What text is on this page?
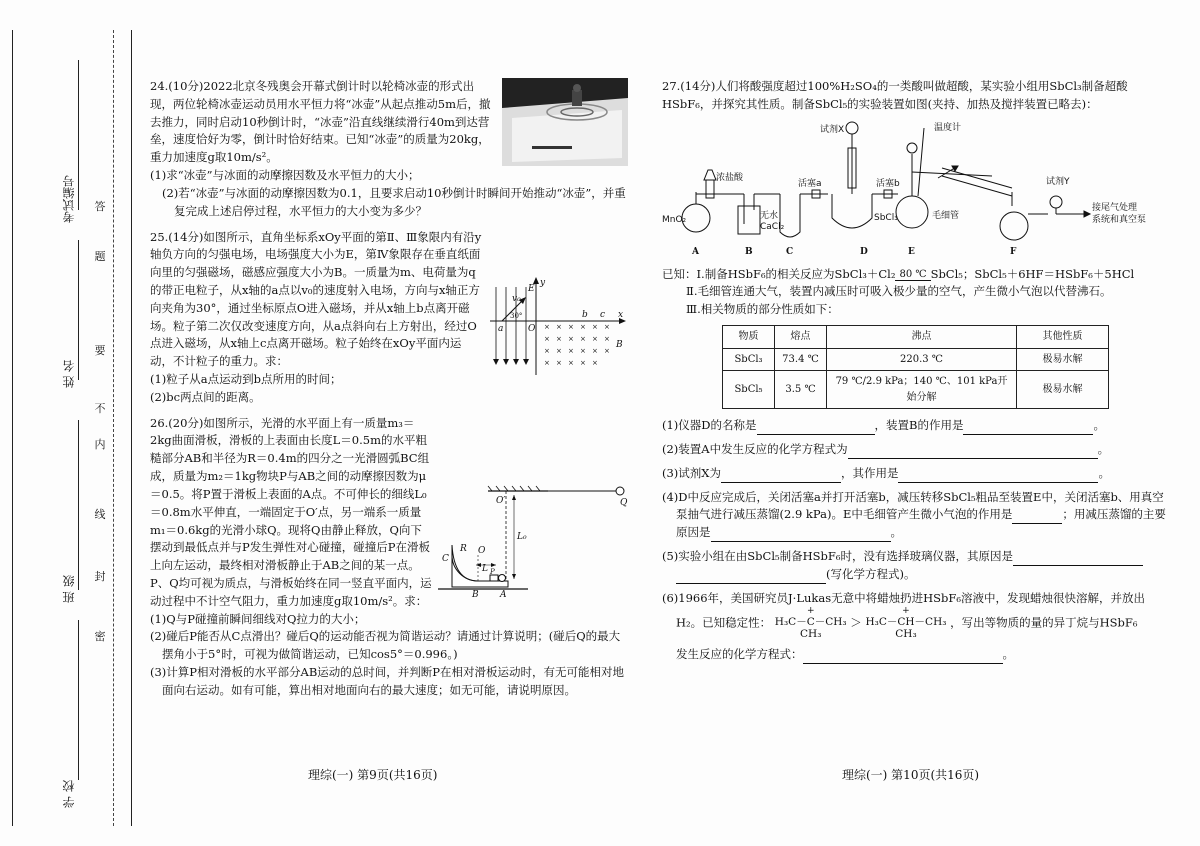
考试编号
姓 名
班 级
学 校
题
答
要
不
内
线
封
密

24.(10分)2022北京冬残奥会开幕式倒计时以轮椅冰壶的形式出现，两位轮椅冰壶运动员用水平恒力将“冰壶”从起点推动5m后，撤去推力，同时启动10秒倒计时，“冰壶”沿直线继续滑行40m到达营垒，速度恰好为零，倒计时恰好结束。已知“冰壶”的质量为20kg，重力加速度g取10m/s²。

(1)求“冰壶”与冰面的动摩擦因数及水平恒力的大小；

(2)若“冰壶”与冰面的动摩擦因数为0.1，且要求启动10秒倒计时瞬间开始推动“冰壶”，并重复完成上述启停过程，水平恒力的大小变为多少？

× × × × × ×
× × × × × ×
× × × × × ×
× × × × ×
y
E
v₀
30°
a	O
b c x
B

25.(14分)如图所示，直角坐标系xOy平面的第Ⅱ、Ⅲ象限内有沿y轴负方向的匀强电场，电场强度大小为E，第Ⅳ象限存在垂直纸面向里的匀强磁场，磁感应强度大小为B。一质量为m、电荷量为q的带正电粒子，从x轴的a点以v₀的速度射入电场，方向与x轴正方向夹角为30°，通过坐标原点O进入磁场，并从x轴上b点离开磁场。粒子第二次仅改变速度方向，从a点斜向右上方射出，经过O点进入磁场，从x轴上c点离开磁场。粒子始终在xOy平面内运动，不计粒子的重力。求：

(1)粒子从a点运动到b点所用的时间；

(2)bc两点间的距离。

O′	Q
L₀
R O
C
L P
A
B

26.(20分)如图所示，光滑的水平面上有一质量m₃＝2kg曲面滑板，滑板的上表面由长度L＝0.5m的水平粗糙部分AB和半径为R＝0.4m的四分之一光滑圆弧BC组成，质量为m₂＝1kg物块P与AB之间的动摩擦因数为μ＝0.5。将P置于滑板上表面的A点。不可伸长的细线L₀＝0.8m水平伸直，一端固定于O′点，另一端系一质量m₁＝0.6kg的光滑小球Q。现将Q由静止释放，Q向下摆动到最低点并与P发生弹性对心碰撞，碰撞后P在滑板上向左运动，最终相对滑板静止于AB之间的某一点。P、Q均可视为质点，与滑板始终在同一竖直平面内，运动过程中不计空气阻力，重力加速度g取10m/s²。求：

(1)Q与P碰撞前瞬间细线对Q拉力的大小；

(2)碰后P能否从C点滑出？碰后Q的运动能否视为简谐运动？请通过计算说明；(碰后Q的最大摆角小于5°时，可视为做简谐运动，已知cos5°＝0.996。)

(3)计算P相对滑板的水平部分AB运动的总时间，并判断P在相对滑板运动时，有无可能相对地面向右运动。如有可能，算出相对地面向右的最大速度；如无可能，请说明原因。

理综(一) 第9页(共16页)

27.(14分)人们将酸强度超过100%H₂SO₄的一类酸叫做超酸，某实验小组用SbCl₃制备超酸HSbF₆，并探究其性质。制备SbCl₅的实验装置如图(夹持、加热及搅拌装置已略去)：

试剂X	温度计
浓盐酸
活塞a	活塞b	试剂Y
接尾气处理
系统和真空泵
MnO₂	无水
CaCl₂
SbCl₃	毛细管
A	B	C	D	E	F

已知：Ⅰ.制备HSbF₆的相关反应为SbCl₃＋Cl₂ 80 ℃ SbCl₅；SbCl₅＋6HF＝HSbF₆＋5HCl

Ⅱ.毛细管连通大气，装置内减压时可吸入极少量的空气，产生微小气泡以代替沸石。

Ⅲ.相关物质的部分性质如下：

物质	熔点	沸点	其他性质
SbCl₃	73.4 ℃	220.3 ℃	极易水解
SbCl₅	3.5 ℃	79 ℃/2.9 kPa；140 ℃、101 kPa开始分解	极易水解

(1)仪器D的名称是	，装置B的作用是	。

(2)装置A中发生反应的化学方程式为	。

(3)试剂X为	，其作用是	。

(4)D中反应完成后，关闭活塞a并打开活塞b，减压转移SbCl₅粗品至装置E中，关闭活塞b、用真空泵抽气进行减压蒸馏(2.9 kPa)。E中毛细管产生微小气泡的作用是	；用减压蒸馏的主要原因是	。

(5)实验小组在由SbCl₅制备HSbF₆时，没有选择玻璃仪器，其原因是
(写化学方程式)。

(6)1966年，美国研究员J·Lukas无意中将蜡烛扔进HSbF₆溶液中，发现蜡烛很快溶解，并放出H₂。已知稳定性：
+
H₃C－C－CH₃
CH₃
＞
+
H₃C－CH－CH₃
CH₃
，写出等物质的量的异丁烷与HSbF₆

发生反应的化学方程式：	。

理综(一) 第10页(共16页)
